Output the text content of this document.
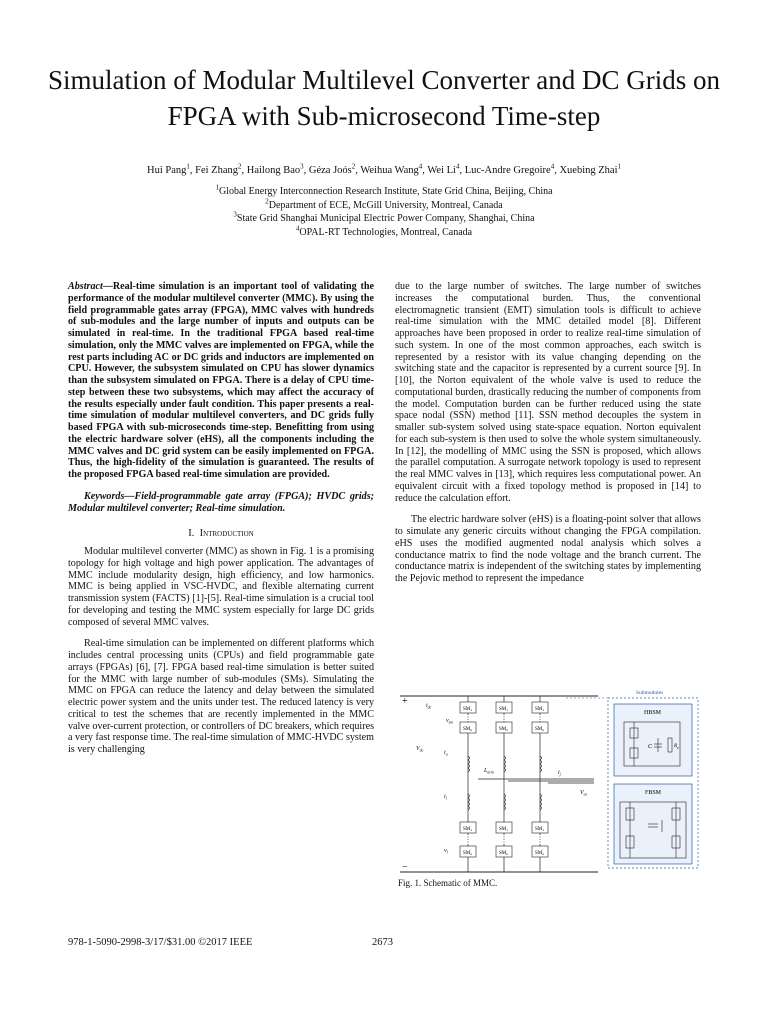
Simulation of Modular Multilevel Converter and DC Grids on FPGA with Sub-microsecond Time-step
Hui Pang$^1$, Fei Zhang$^2$, Hailong Bao$^3$, Géza Joós$^2$, Weihua Wang$^4$, Wei Li$^4$, Luc-Andre Gregoire$^4$, Xuebing Zhai$^1$
$^1$Global Energy Interconnection Research Institute, State Grid China, Beijing, China
$^2$Department of ECE, McGill University, Montreal, Canada
$^3$State Grid Shanghai Municipal Electric Power Company, Shanghai, China
$^4$OPAL-RT Technologies, Montreal, Canada

Abstract—Real-time simulation is an important tool of validating the performance of the modular multilevel converter (MMC). By using the field programmable gates array (FPGA), MMC valves with hundreds of sub-modules and the large number of inputs and outputs can be simulated in real-time. In the traditional FPGA based real-time simulation, only the MMC valves are implemented on FPGA, while the rest parts including AC or DC grids and inductors are implemented on CPU. However, the subsystem simulated on CPU has slower dynamics than the subsystem simulated on FPGA. There is a delay of CPU time-step between these two subsystems, which may affect the accuracy of the results especially under fault condition. This paper presents a real-time simulation of modular multilevel converters, and DC grids fully based FPGA with sub-microseconds time-step. Benefitting from using the electric hardware solver (eHS), all the components including the MMC valves and DC grid system can be easily implemented on FPGA. Thus, the high-fidelity of the simulation is guaranteed. The results of the proposed FPGA based real-time simulation are provided.

Keywords—Field-programmable gate array (FPGA); HVDC grids; Modular multilevel converter; Real-time simulation.

I. Introduction

Modular multilevel converter (MMC) as shown in Fig. 1 is a promising topology for high voltage and high power application. The advantages of MMC include modularity design, high efficiency, and low harmonics. MMC is being applied in VSC-HVDC, and flexible alternating current transmission system (FACTS) [1]-[5]. Real-time simulation is a crucial tool for developing and testing the MMC system especially for large DC grids composed of several MMC valves.

Real-time simulation can be implemented on different platforms which includes central processing units (CPUs) and field programmable gate arrays (FPGAs) [6], [7]. FPGA based real-time simulation is better suited for the MMC with large number of sub-modules (SMs). Simulating the MMC on FPGA can reduce the latency and delay between the simulated electric power system and the units under test. The reduced latency is very critical to test the schemes that are recently implemented in the MMC valve over-current protection, or controllers of DC breakers, which requires a very fast response time. The real-time simulation of MMC-HVDC system is very challenging

due to the large number of switches. The large number of switches increases the computational burden. Thus, the conventional electromagnetic transient (EMT) simulation tools is difficult to achieve real-time simulation with the MMC detailed model [8]. Different approaches have been proposed in order to realize real-time simulation of such system. In one of the most common approaches, each switch is represented by a resistor with its value changing depending on the switching state and the capacitor is represented by a current source [9]. In [10], the Norton equivalent of the whole valve is used to reduce the computational burden, drastically reducing the number of components from the model. Computation burden can be further reduced using the state space nodal (SSN) method [11]. SSN method decouples the system in smaller sub-system solved using state-space equation. Norton equivalent for each sub-system is then used to solve the whole system simultaneously. In [12], the modelling of MMC using the SSN is proposed, which allows the parallel computation. A surrogate network topology is used to represent the real MMC valves in [13], which requires less computational power. An equivalent circuit with a fixed topology method is proposed in [14] to reduce the calculation effort.

The electric hardware solver (eHS) is a floating-point solver that allows to simulate any generic circuits without changing the FPGA compilation. eHS uses the modified augmented nodal analysis which solves a conductance matrix to find the node voltage and the branch current. The conductance matrix is independent of the switching states by implementing the Pejovic method to represent the impedance

+
−
$i_{dc}$
$V_{dc}$
$SM_1$
$SM_n$
$SM_1$
$SM_n$
$SM_1$
$SM_n$
$SM_1$
$SM_n$
$SM_1$
$SM_n$
$SM_1$
$SM_n$
$V_{ac}$
$i_j$
$L_{arm}$
$v_{sm}$
$i_u$
$i_l$
$v_l$
Submodules
HBSM
FBSM
C	$R_p$
Fig. 1. Schematic of MMC.
978-1-5090-2998-3/17/$31.00 ©2017 IEEE	2673
